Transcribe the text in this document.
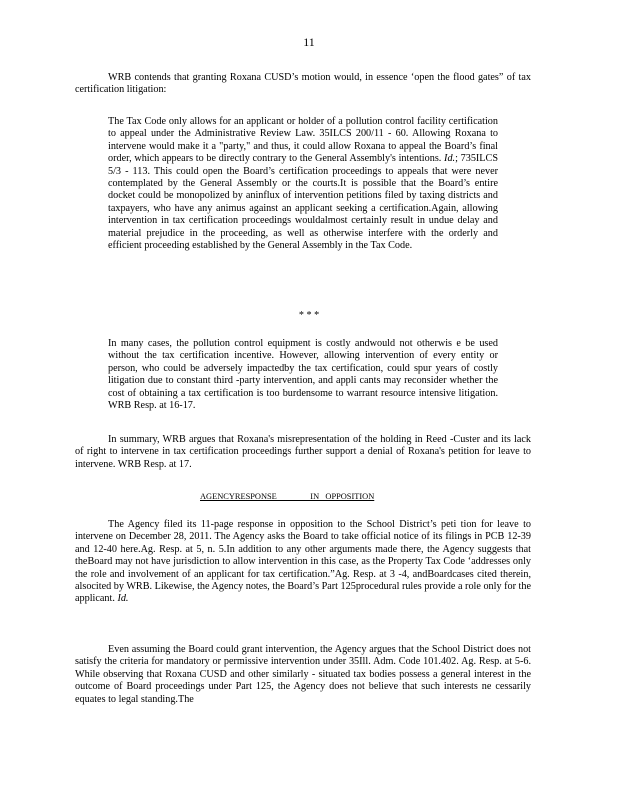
11

WRB contends that granting Roxana CUSD’s motion would, in essence ‘open the flood gates” of tax certification litigation:

The Tax Code only allows for an applicant or holder of a pollution control facility certification to appeal under the Administrative Review Law. 35ILCS 200/11 - 60. Allowing Roxana to intervene would make it a "party," and thus, it could allow Roxana to appeal the Board’s final order, which appears to be directly contrary to the General Assembly's intentions. Id.; 735ILCS 5/3 - 113. This could open the Board’s certification proceedings to appeals that were never contemplated by the General Assembly or the courts.It is possible that the Board’s entire docket could be monopolized by aninflux of intervention petitions filed by taxing districts and taxpayers, who have any animus against an applicant seeking a certification.Again, allowing intervention in tax certification proceedings wouldalmost certainly result in undue delay and material prejudice in the proceeding, as well as otherwise interfere with the orderly and efficient proceeding established by the General Assembly in the Tax Code.

* * *

In many cases, the pollution control equipment is costly andwould not otherwis e be used without the tax certification incentive. However, allowing intervention of every entity or person, who could be adversely impactedby the tax certification, could spur years of costly litigation due to constant third -party intervention, and appli cants may reconsider whether the cost of obtaining a tax certification is too burdensome to warrant resource intensive litigation. WRB Resp. at 16-17.

In summary, WRB argues that Roxana's misrepresentation of the holding in Reed -Custer and its lack of right to intervene in tax certification proceedings further support a denial of Roxana's petition for leave to intervene. WRB Resp. at 17.

AGENCYRESPONSE                IN   OPPOSITION

The Agency filed its 11-page response in opposition to the School District’s peti tion for leave to intervene on December 28, 2011. The Agency asks the Board to take official notice of its filings in PCB 12-39 and 12-40 here.Ag. Resp. at 5, n. 5.In addition to any other arguments made there, the Agency suggests that theBoard may not have jurisdiction to allow intervention in this case, as the Property Tax Code ‘addresses only the role and involvement of an applicant for tax certification.”Ag. Resp. at 3 -4, andBoardcases cited therein, alsocited by WRB. Likewise, the Agency notes, the Board’s Part 125procedural rules provide a role only for the applicant. Id.

Even assuming the Board could grant intervention, the Agency argues that the School District does not satisfy the criteria for mandatory or permissive intervention under 35Ill. Adm. Code 101.402. Ag. Resp. at 5-6. While observing that Roxana CUSD and other similarly - situated tax bodies possess a general interest in the outcome of Board proceedings under Part 125, the Agency does not believe that such interests ne cessarily equates to legal standing.The
